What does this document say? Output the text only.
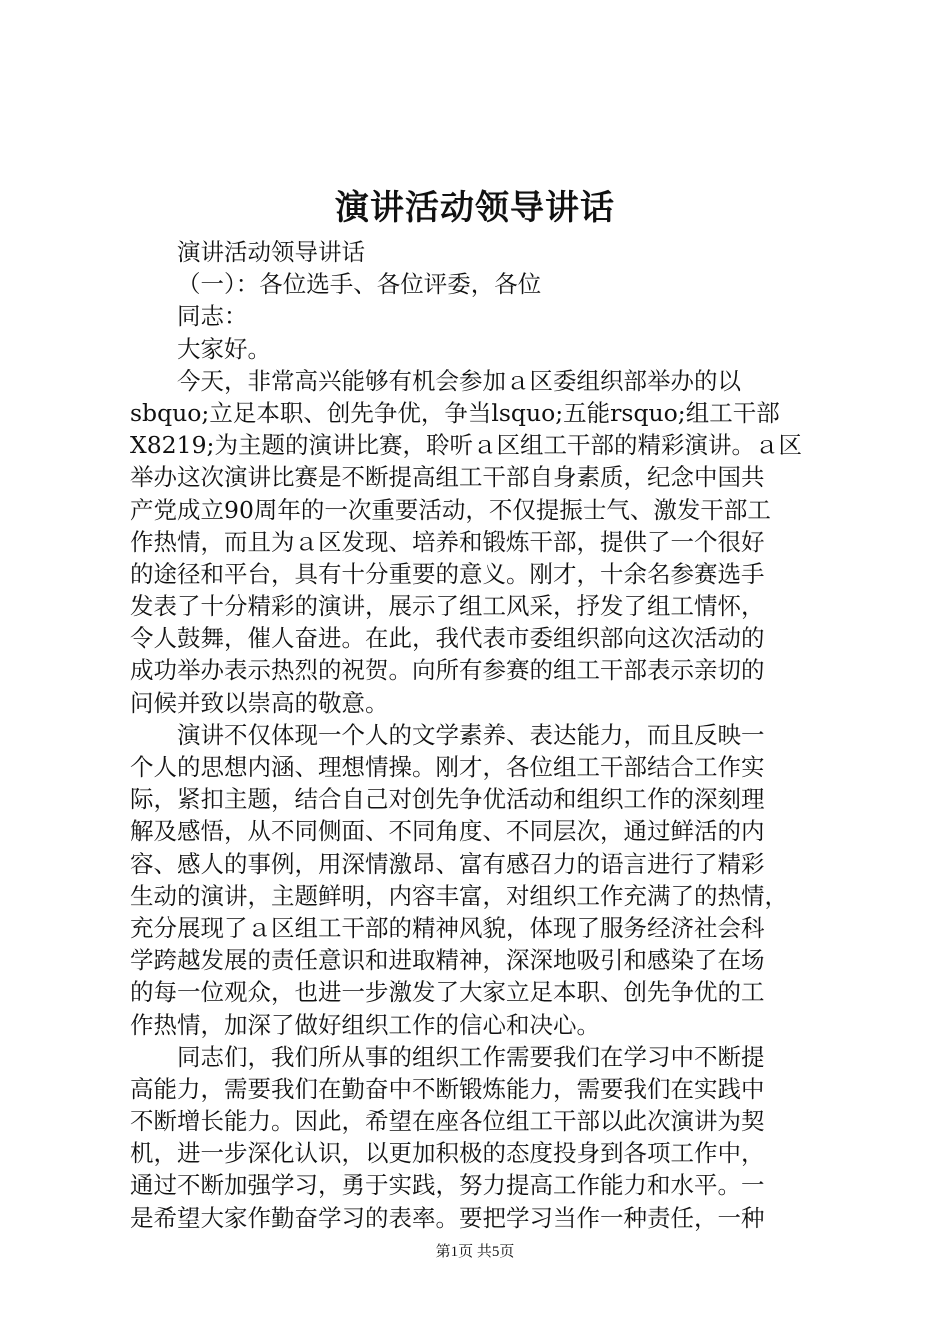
演讲活动领导讲话
演讲活动领导讲话
（一）：各位选手、各位评委，各位
同志：
大家好。
今天，非常高兴能够有机会参加ａ区委组织部举办的以
sbquo;立足本职、创先争优，争当lsquo;五能rsquo;组工干部
X8219;为主题的演讲比赛，聆听ａ区组工干部的精彩演讲。ａ区
举办这次演讲比赛是不断提高组工干部自身素质，纪念中国共
产党成立90周年的一次重要活动，不仅提振士气、激发干部工
作热情，而且为ａ区发现、培养和锻炼干部，提供了一个很好
的途径和平台，具有十分重要的意义。刚才，十余名参赛选手
发表了十分精彩的演讲，展示了组工风采，抒发了组工情怀，
令人鼓舞，催人奋进。在此，我代表市委组织部向这次活动的
成功举办表示热烈的祝贺。向所有参赛的组工干部表示亲切的
问候并致以崇高的敬意。
演讲不仅体现一个人的文学素养、表达能力，而且反映一
个人的思想内涵、理想情操。刚才，各位组工干部结合工作实
际，紧扣主题，结合自己对创先争优活动和组织工作的深刻理
解及感悟，从不同侧面、不同角度、不同层次，通过鲜活的内
容、感人的事例，用深情激昂、富有感召力的语言进行了精彩
生动的演讲，主题鲜明，内容丰富，对组织工作充满了的热情，
充分展现了ａ区组工干部的精神风貌，体现了服务经济社会科
学跨越发展的责任意识和进取精神，深深地吸引和感染了在场
的每一位观众，也进一步激发了大家立足本职、创先争优的工
作热情，加深了做好组织工作的信心和决心。
同志们，我们所从事的组织工作需要我们在学习中不断提
高能力，需要我们在勤奋中不断锻炼能力，需要我们在实践中
不断增长能力。因此，希望在座各位组工干部以此次演讲为契
机，进一步深化认识，以更加积极的态度投身到各项工作中，
通过不断加强学习，勇于实践，努力提高工作能力和水平。一
是希望大家作勤奋学习的表率。要把学习当作一种责任，一种
第1页 共5页
